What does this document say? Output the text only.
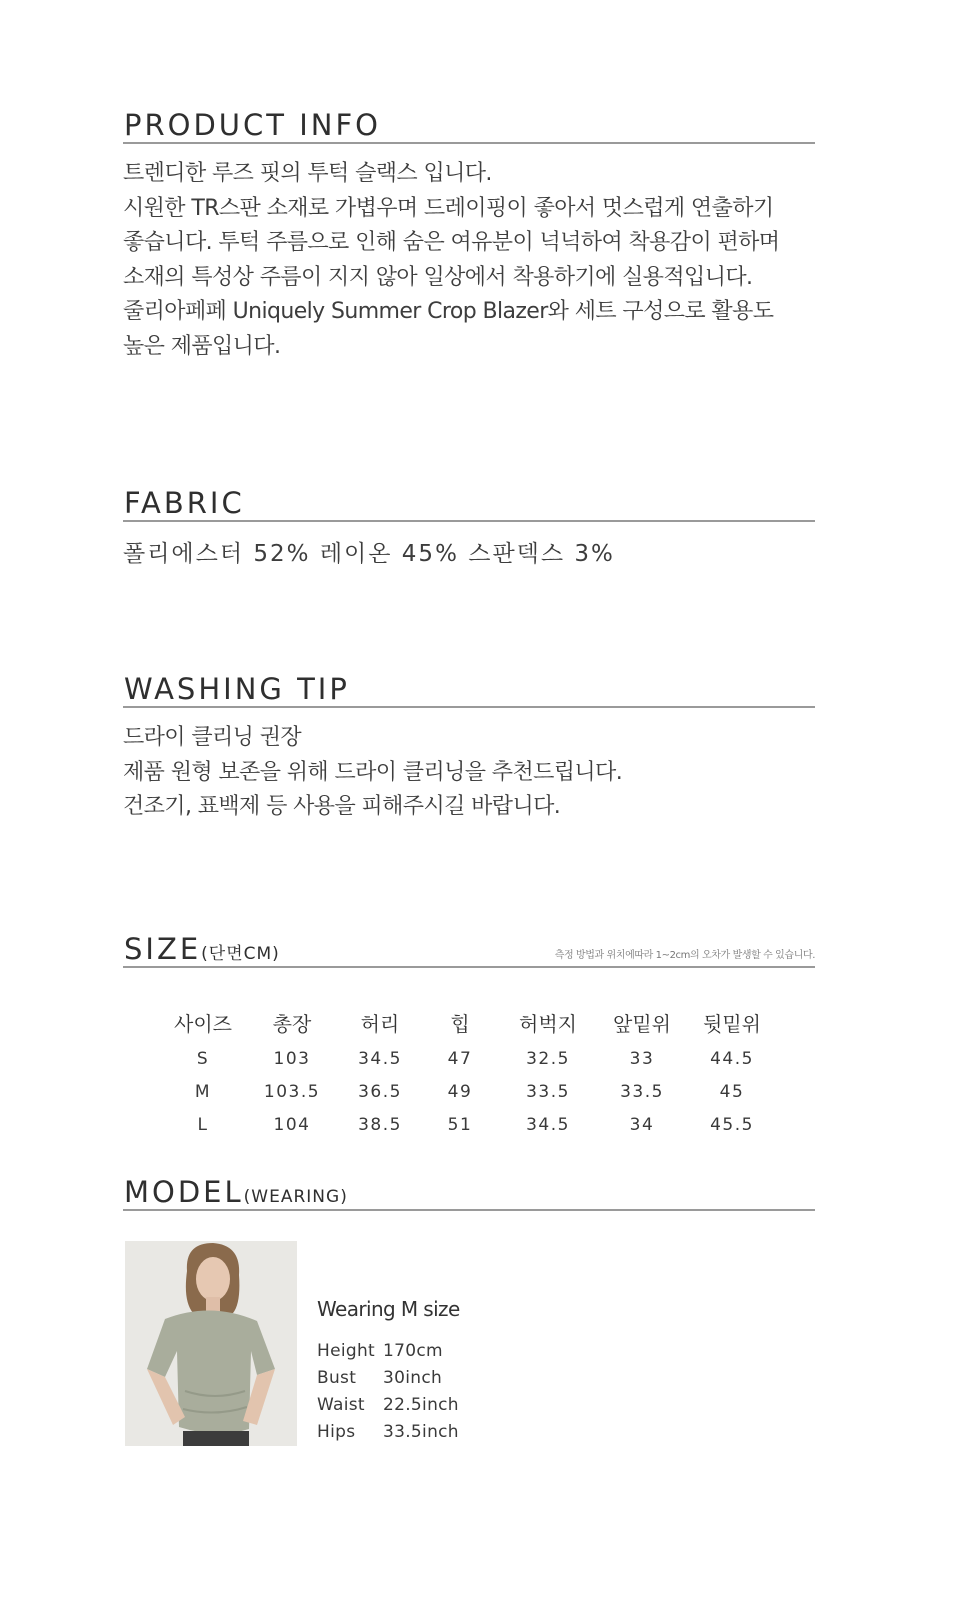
PRODUCT INFO
트렌디한 루즈 핏의 투턱 슬랙스 입니다.
시원한 TR스판 소재로 가볍우며 드레이핑이 좋아서 멋스럽게 연출하기
좋습니다. 투턱 주름으로 인해 숨은 여유분이 넉넉하여 착용감이 편하며
소재의 특성상 주름이 지지 않아 일상에서 착용하기에 실용적입니다.
줄리아페페 Uniquely Summer Crop Blazer와 세트 구성으로 활용도
높은 제품입니다.
FABRIC
폴리에스터 52% 레이온 45% 스판덱스 3%
WASHING TIP
드라이 클리닝 권장
제품 원형 보존을 위해 드라이 클리닝을 추천드립니다.
건조기, 표백제 등 사용을 피해주시길 바랍니다.
SIZE(단면CM)	측정 방법과 위치에따라 1~2cm의 오차가 발생할 수 있습니다.
사이즈	총장	허리	힙	허벅지	앞밑위	뒷밑위
S	103	34.5	47	32.5	33	44.5
M	103.5	36.5	49	33.5	33.5	45
L	104	38.5	51	34.5	34	45.5
MODEL(WEARING)
Wearing M size
Height	170cm
Bust	30inch
Waist	22.5inch
Hips	33.5inch
